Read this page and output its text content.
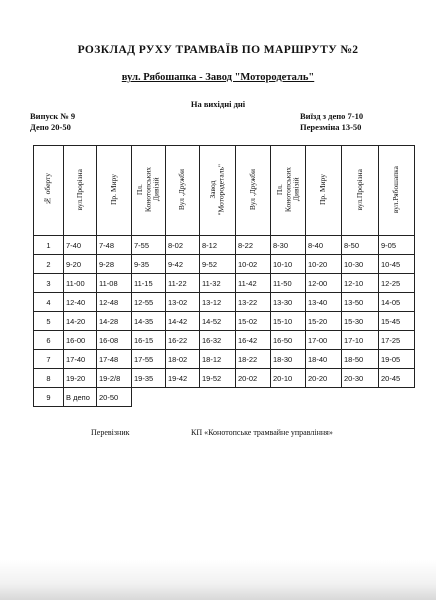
РОЗКЛАД РУХУ ТРАМВАЇВ ПО МАРШРУТУ №2
вул. Рябошапка - Завод "Мотородеталь"
На вихідні дні
Випуск № 9
Депо 20-50
Виїзд з депо 7-10
Перезміна 13-50
№ оберту	вул.Прорізна	Пр. Миру	Пл.
Конотопських
Дивізій	Вул .Дружби	Завод
"Мотородеталь"	Вул .Дружби	Пл.
Конотопських
Дивізій	Пр. Миру	вул.Прорізна	вул.Рябошапка
1	7-40	7-48	7-55	8-02	8-12	8-22	8-30	8-40	8-50	9-05
2	9-20	9-28	9-35	9-42	9-52	10-02	10-10	10-20	10-30	10-45
3	11-00	11-08	11-15	11-22	11-32	11-42	11-50	12-00	12-10	12-25
4	12-40	12-48	12-55	13-02	13-12	13-22	13-30	13-40	13-50	14-05
5	14-20	14-28	14-35	14-42	14-52	15-02	15-10	15-20	15-30	15-45
6	16-00	16-08	16-15	16-22	16-32	16-42	16-50	17-00	17-10	17-25
7	17-40	17-48	17-55	18-02	18-12	18-22	18-30	18-40	18-50	19-05
8	19-20	19-2/8	19-35	19-42	19-52	20-02	20-10	20-20	20-30	20-45
9	В депо	20-50								
Перевізник	КП «Конотопське трамвайне управління»
